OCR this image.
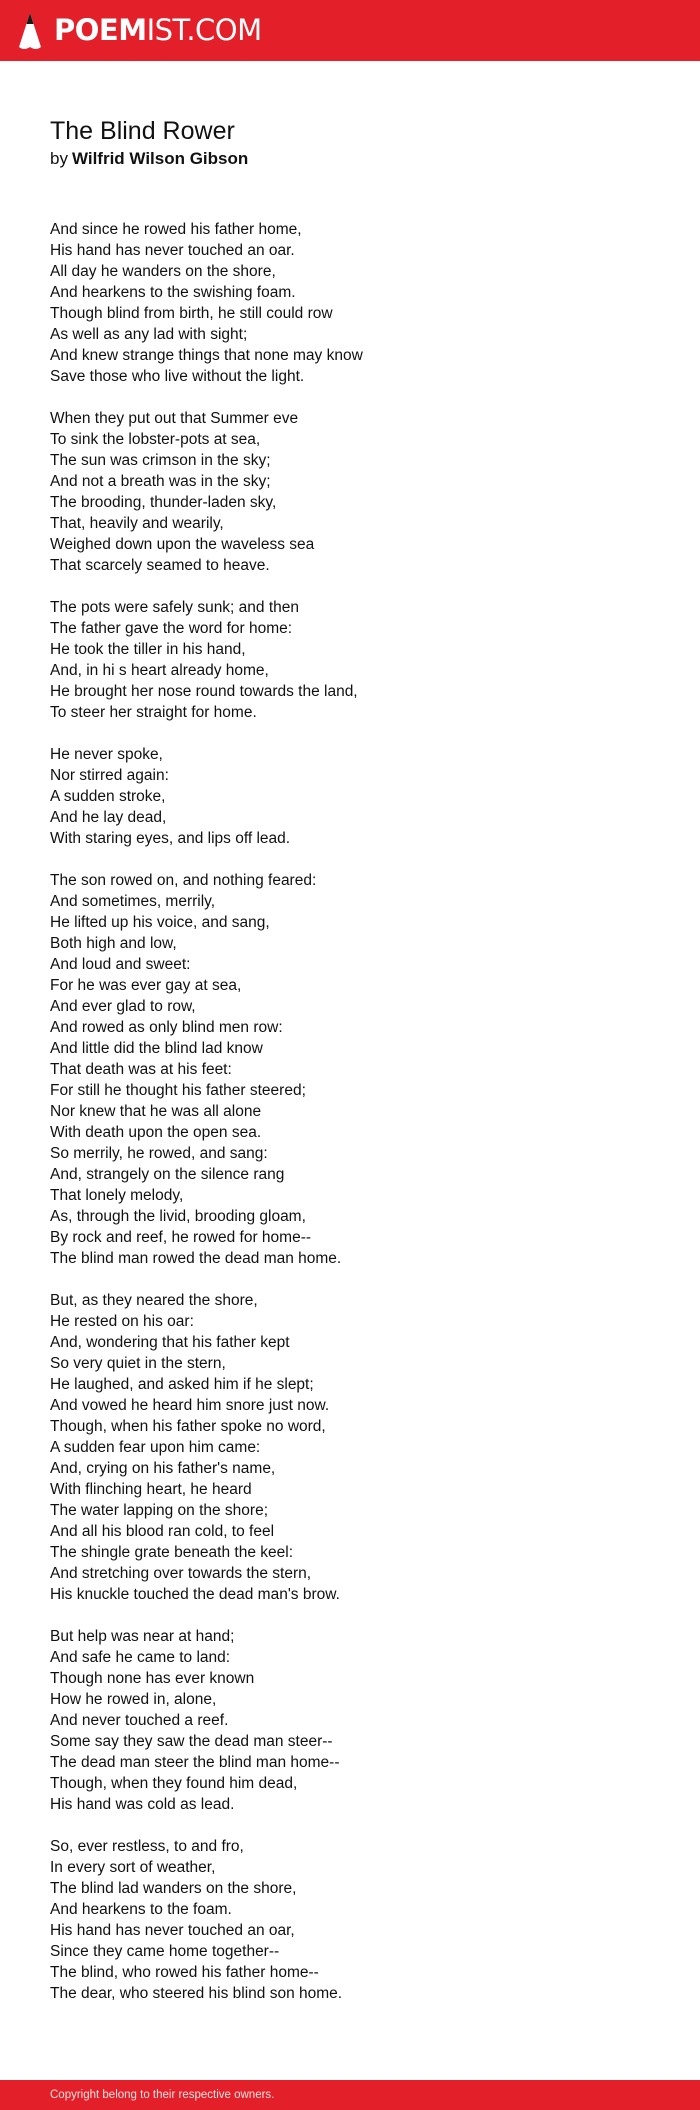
POEMIST.COM
The Blind Rower
by Wilfrid Wilson Gibson
And since he rowed his father home,
His hand has never touched an oar.
All day he wanders on the shore,
And hearkens to the swishing foam.
Though blind from birth, he still could row
As well as any lad with sight;
And knew strange things that none may know
Save those who live without the light.
When they put out that Summer eve
To sink the lobster-pots at sea,
The sun was crimson in the sky;
And not a breath was in the sky;
The brooding, thunder-laden sky,
That, heavily and wearily,
Weighed down upon the waveless sea
That scarcely seamed to heave.
The pots were safely sunk; and then
The father gave the word for home:
He took the tiller in his hand,
And, in hi s heart already home,
He brought her nose round towards the land,
To steer her straight for home.
He never spoke,
Nor stirred again:
A sudden stroke,
And he lay dead,
With staring eyes, and lips off lead.
The son rowed on, and nothing feared:
And sometimes, merrily,
He lifted up his voice, and sang,
Both high and low,
And loud and sweet:
For he was ever gay at sea,
And ever glad to row,
And rowed as only blind men row:
And little did the blind lad know
That death was at his feet:
For still he thought his father steered;
Nor knew that he was all alone
With death upon the open sea.
So merrily, he rowed, and sang:
And, strangely on the silence rang
That lonely melody,
As, through the livid, brooding gloam,
By rock and reef, he rowed for home--
The blind man rowed the dead man home.
But, as they neared the shore,
He rested on his oar:
And, wondering that his father kept
So very quiet in the stern,
He laughed, and asked him if he slept;
And vowed he heard him snore just now.
Though, when his father spoke no word,
A sudden fear upon him came:
And, crying on his father's name,
With flinching heart, he heard
The water lapping on the shore;
And all his blood ran cold, to feel
The shingle grate beneath the keel:
And stretching over towards the stern,
His knuckle touched the dead man's brow.
But help was near at hand;
And safe he came to land:
Though none has ever known
How he rowed in, alone,
And never touched a reef.
Some say they saw the dead man steer--
The dead man steer the blind man home--
Though, when they found him dead,
His hand was cold as lead.
So, ever restless, to and fro,
In every sort of weather,
The blind lad wanders on the shore,
And hearkens to the foam.
His hand has never touched an oar,
Since they came home together--
The blind, who rowed his father home--
The dear, who steered his blind son home.
Copyright belong to their respective owners.
